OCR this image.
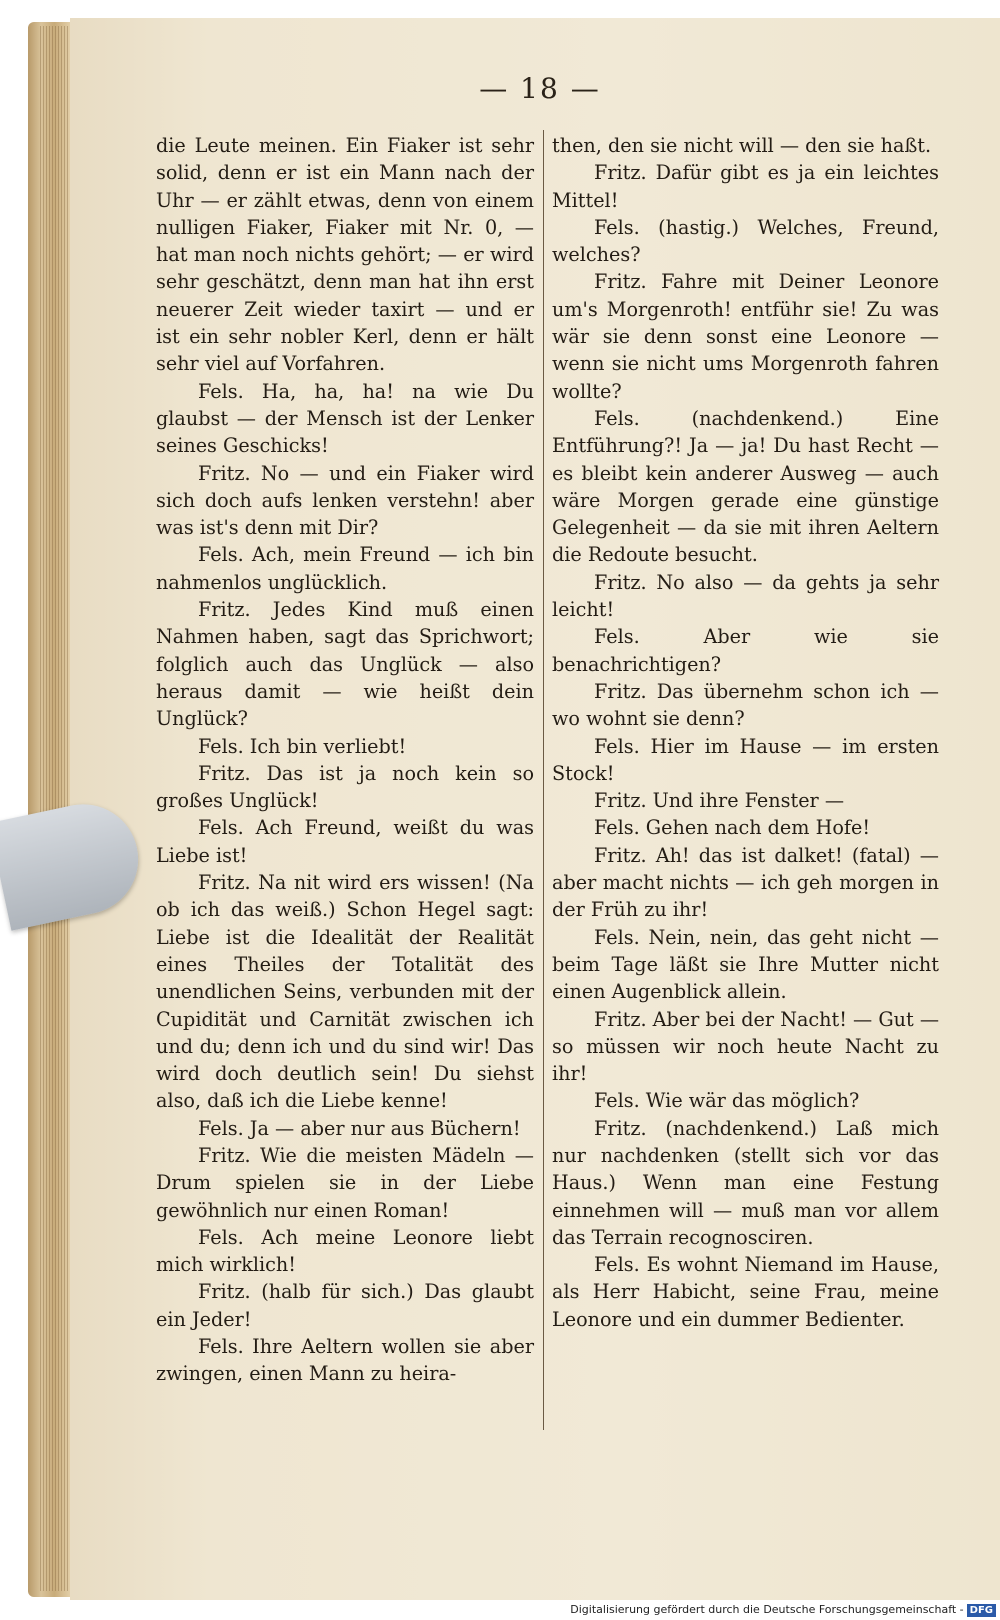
— 18 —

die Leute meinen. Ein Fiaker ist sehr solid, denn er ist ein Mann nach der Uhr — er zählt etwas, denn von einem nulligen Fiaker, Fiaker mit Nr. 0, — hat man noch nichts gehört; — er wird sehr geschätzt, denn man hat ihn erst neuerer Zeit wieder taxirt — und er ist ein sehr nobler Kerl, denn er hält sehr viel auf Vorfahren.

Fels. Ha, ha, ha! na wie Du glaubst — der Mensch ist der Lenker seines Geschicks!

Fritz. No — und ein Fiaker wird sich doch aufs lenken verstehn! aber was ist's denn mit Dir?

Fels. Ach, mein Freund — ich bin nahmenlos unglücklich.

Fritz. Jedes Kind muß einen Nahmen haben, sagt das Sprichwort; folglich auch das Unglück — also heraus damit — wie heißt dein Unglück?

Fels. Ich bin verliebt!

Fritz. Das ist ja noch kein so großes Unglück!

Fels. Ach Freund, weißt du was Liebe ist!

Fritz. Na nit wird ers wissen! (Na ob ich das weiß.) Schon Hegel sagt: Liebe ist die Idealität der Realität eines Theiles der Totalität des unendlichen Seins, verbunden mit der Cupidität und Carnität zwischen ich und du; denn ich und du sind wir! Das wird doch deutlich sein! Du siehst also, daß ich die Liebe kenne!

Fels. Ja — aber nur aus Büchern!

Fritz. Wie die meisten Mädeln — Drum spielen sie in der Liebe gewöhnlich nur einen Roman!

Fels. Ach meine Leonore liebt mich wirklich!

Fritz. (halb für sich.) Das glaubt ein Jeder!

Fels. Ihre Aeltern wollen sie aber zwingen, einen Mann zu heira-

then, den sie nicht will — den sie haßt.

Fritz. Dafür gibt es ja ein leichtes Mittel!

Fels. (hastig.) Welches, Freund, welches?

Fritz. Fahre mit Deiner Leonore um's Morgenroth! entführ sie! Zu was wär sie denn sonst eine Leonore — wenn sie nicht ums Morgenroth fahren wollte?

Fels. (nachdenkend.) Eine Entführung?! Ja — ja! Du hast Recht — es bleibt kein anderer Ausweg — auch wäre Morgen gerade eine günstige Gelegenheit — da sie mit ihren Aeltern die Redoute besucht.

Fritz. No also — da gehts ja sehr leicht!

Fels. Aber wie sie benachrichtigen?

Fritz. Das übernehm schon ich — wo wohnt sie denn?

Fels. Hier im Hause — im ersten Stock!

Fritz. Und ihre Fenster —

Fels. Gehen nach dem Hofe!

Fritz. Ah! das ist dalket! (fatal) — aber macht nichts — ich geh morgen in der Früh zu ihr!

Fels. Nein, nein, das geht nicht — beim Tage läßt sie Ihre Mutter nicht einen Augenblick allein.

Fritz. Aber bei der Nacht! — Gut — so müssen wir noch heute Nacht zu ihr!

Fels. Wie wär das möglich?

Fritz. (nachdenkend.) Laß mich nur nachdenken (stellt sich vor das Haus.) Wenn man eine Festung einnehmen will — muß man vor allem das Terrain recognosciren.

Fels. Es wohnt Niemand im Hause, als Herr Habicht, seine Frau, meine Leonore und ein dummer Bedienter.

Digitalisierung gefördert durch die Deutsche Forschungsgemeinschaft - DFG
